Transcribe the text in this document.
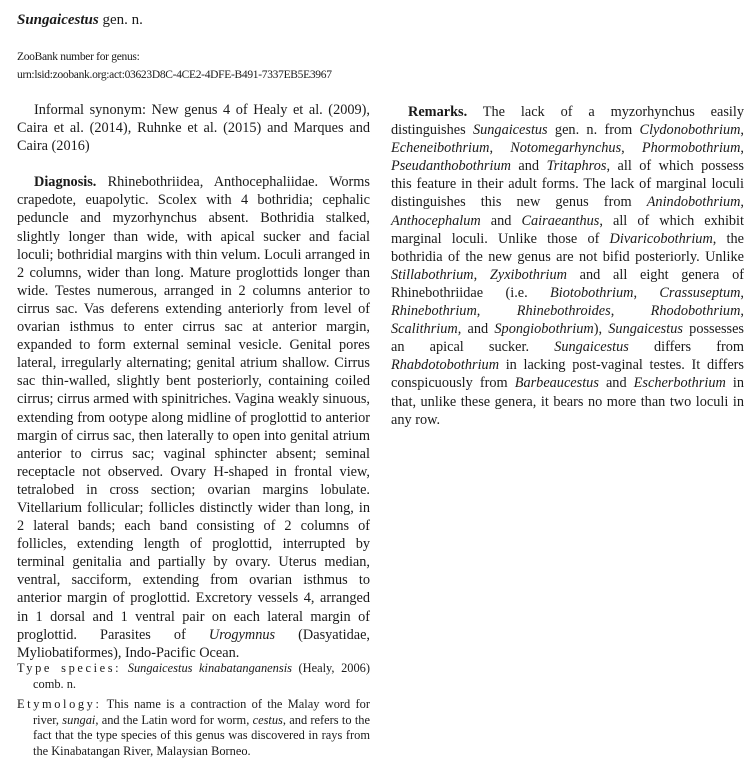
Sungaicestus gen. n.
ZooBank number for genus:
urn:lsid:zoobank.org:act:03623D8C-4CE2-4DFE-B491-7337EB5E3967

Informal synonym: New genus 4 of Healy et al. (2009), Caira et al. (2014), Ruhnke et al. (2015) and Marques and Caira (2016)

Diagnosis. Rhinebothriidea, Anthocephaliidae. Worms crapedote, euapolytic. Scolex with 4 bothridia; cephalic peduncle and myzorhynchus absent. Bothridia stalked, slightly longer than wide, with apical sucker and facial loculi; bothridial margins with thin velum. Loculi arranged in 2 columns, wider than long. Mature proglottids longer than wide. Testes numerous, arranged in 2 columns anterior to cirrus sac. Vas deferens extending anteriorly from level of ovarian isthmus to enter cirrus sac at anterior margin, expanded to form external seminal vesicle. Genital pores lateral, irregularly alternating; genital atrium shallow. Cirrus sac thin-walled, slightly bent posteriorly, containing coiled cirrus; cirrus armed with spinitriches. Vagina weakly sinuous, extending from ootype along midline of proglottid to anterior margin of cirrus sac, then laterally to open into genital atrium anterior to cirrus sac; vaginal sphincter absent; seminal receptacle not observed. Ovary H-shaped in frontal view, tetralobed in cross section; ovarian margins lobulate. Vitellarium follicular; follicles distinctly wider than long, in 2 lateral bands; each band consisting of 2 columns of follicles, extending length of proglottid, interrupted by terminal genitalia and partially by ovary. Uterus median, ventral, sacciform, extending from ovarian isthmus to anterior margin of proglottid. Excretory vessels 4, arranged in 1 dorsal and 1 ventral pair on each lateral margin of proglottid. Parasites of Urogymnus (Dasyatidae, Myliobatiformes), Indo-Pacific Ocean.

Type species: Sungaicestus kinabatanganensis (Healy, 2006) comb. n.
Etymology: This name is a contraction of the Malay word for river, sungai, and the Latin word for worm, cestus, and refers to the fact that the type species of this genus was discovered in rays from the Kinabatangan River, Malaysian Borneo.

Remarks. The lack of a myzorhynchus easily distinguishes Sungaicestus gen. n. from Clydonobothrium, Echeneibothrium, Notomegarhynchus, Phormobothrium, Pseudanthobothrium and Tritaphros, all of which possess this feature in their adult forms. The lack of marginal loculi distinguishes this new genus from Anindobothrium, Anthocephalum and Cairaeanthus, all of which exhibit marginal loculi. Unlike those of Divaricobothrium, the bothridia of the new genus are not bifid posteriorly. Unlike Stillabothrium, Zyxibothrium and all eight genera of Rhinebothriidae (i.e. Biotobothrium, Crassuseptum, Rhinebothrium, Rhinebothroides, Rhodobothrium, Scalithrium, and Spongiobothrium), Sungaicestus possesses an apical sucker. Sungaicestus differs from Rhabdotobothrium in lacking post-vaginal testes. It differs conspicuously from Barbeaucestus and Escherbothrium in that, unlike these genera, it bears no more than two loculi in any row.
